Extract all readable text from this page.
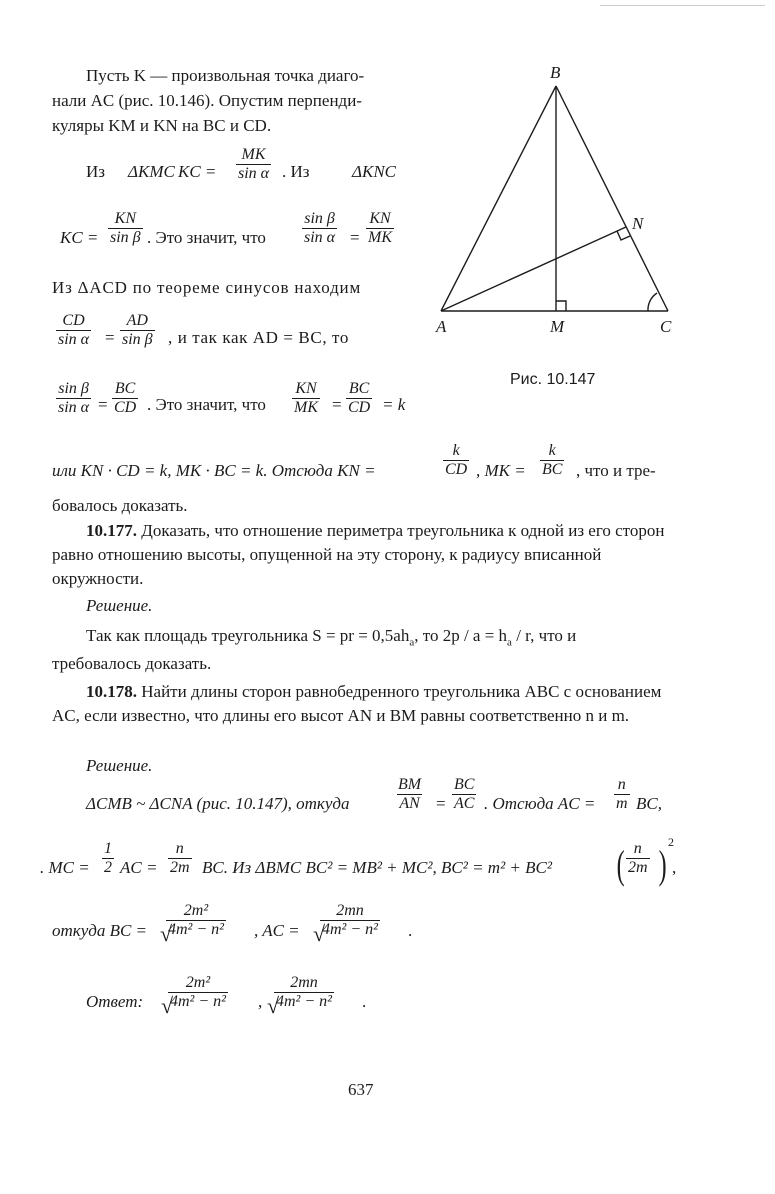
Пусть K — произвольная точка диаго-
нали AC (рис. 10.146). Опустим перпенди-
куляры KM и KN на BC и CD.
Из ΔKMC KC = $\frac{MK}{\text{sin α}}$ . Из	ΔKNC
KC = $\frac{KN}{\text{sin β}}$ . Это значит, что $\frac{\text{sin β}}{\text{sin α}} = \frac{KN}{MK}$
Из ΔACD по теореме синусов находим
$\frac{CD}{\text{sin α}} = \frac{AD}{\text{sin β}}$ , и так как AD = BC, то
$\frac{\text{sin β}}{\text{sin α}} = \frac{BC}{CD}$ . Это значит, что $\frac{KN}{MK} = \frac{BC}{CD} = k$
или KN · CD = k, MK · BC = k. Отсюда KN =	$\frac{k}{CD}$ , MK = $\frac{k}{BC}$ , что и тре-
бовалось доказать.
10.177. Доказать, что отношение периметра треугольника к одной из его сторон равно отношению высоты, опущенной на эту сторону, к радиусу вписанной окружности.
Решение.
Так как площадь треугольника S = pr = $0,5ah_a$, то $2p / a = h_a / r$, что и
требовалось доказать.
10.178. Найти длины сторон равнобедренного треугольника ABC с основанием AC, если известно, что длины его высот AN и BM равны соответственно n и m.
Решение.
ΔCMB ~ ΔCNA (рис. 10.147), откуда	$\frac{BM}{AN} = \frac{BC}{AC}$ . Отсюда AC = $\frac{n}{m}$ BC,
. MC = $\frac{1}{2}$ AC = $\frac{n}{2m}$ BC. Из ΔBMC BC² = MB² + MC², BC² = m² + BC² ( $\frac{n}{2m}$ ) 2
,
откуда BC = $\frac{\text{2m²}}{\text{4m² − n²}}$
√	, AC = $\frac{2mn}{\text{4m² − n²}}$
√	.
Ответ: $\frac{\text{2m²}}{\text{4m² − n²}}$
√	, $\frac{2mn}{\text{4m² − n²}}$
√	.
637
B
N
A	M	C
Рис. 10.147
